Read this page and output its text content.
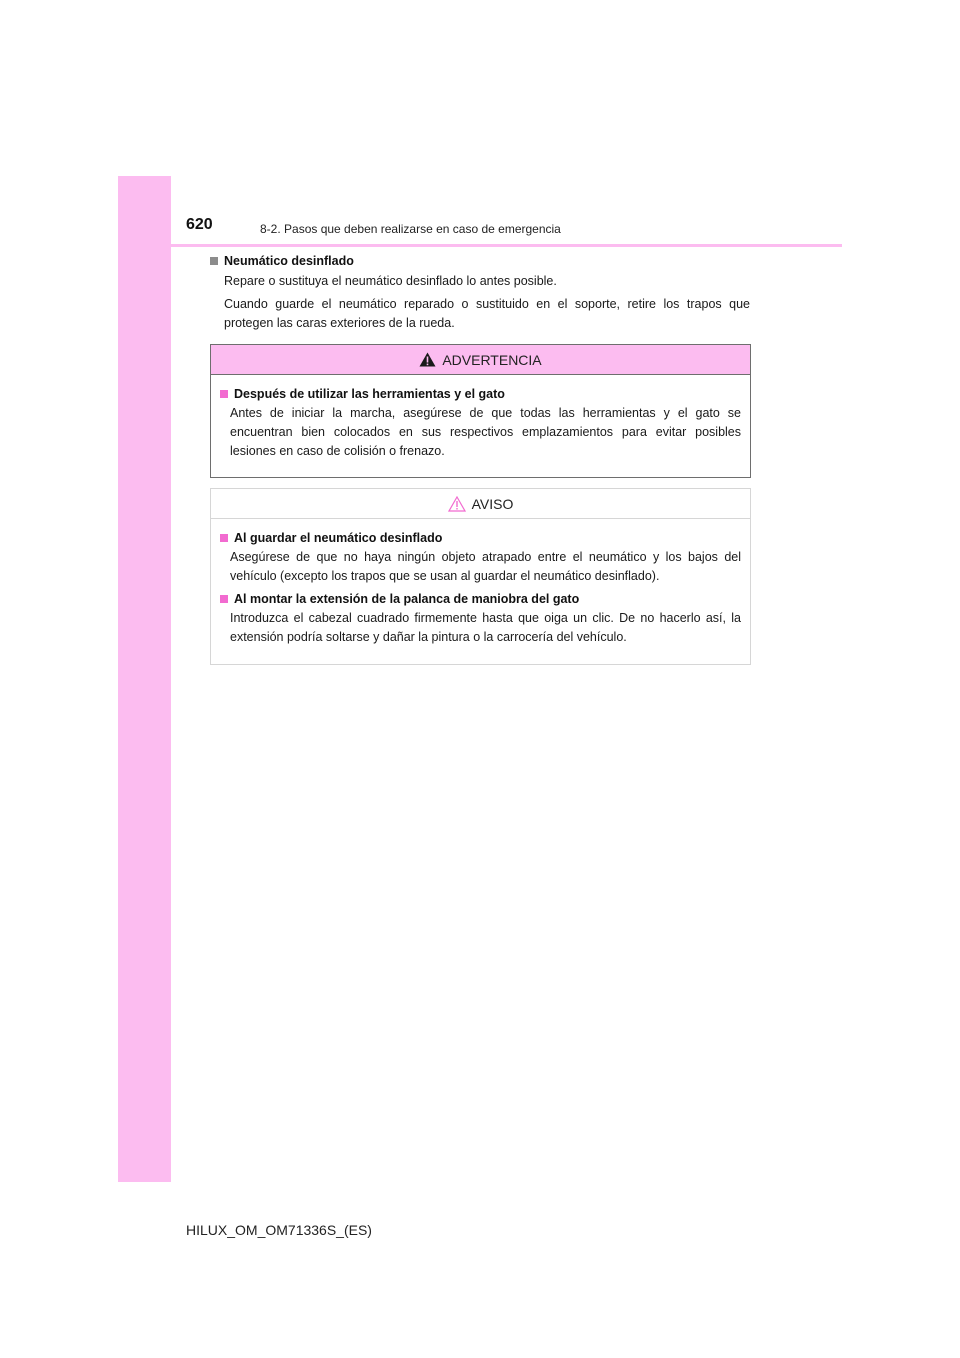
620	8-2. Pasos que deben realizarse en caso de emergencia
Neumático desinflado

Repare o sustituya el neumático desinflado lo antes posible.

Cuando guarde el neumático reparado o sustituido en el soporte, retire los trapos que protegen las caras exteriores de la rueda.

ADVERTENCIA
Después de utilizar las herramientas y el gato

Antes de iniciar la marcha, asegúrese de que todas las herramientas y el gato se encuentran bien colocados en sus respectivos emplazamientos para evitar posibles lesiones en caso de colisión o frenazo.

AVISO
Al guardar el neumático desinflado

Asegúrese de que no haya ningún objeto atrapado entre el neumático y los bajos del vehículo (excepto los trapos que se usan al guardar el neumático desinflado).

Al montar la extensión de la palanca de maniobra del gato

Introduzca el cabezal cuadrado firmemente hasta que oiga un clic. De no hacerlo así, la extensión podría soltarse y dañar la pintura o la carrocería del vehículo.

HILUX_OM_OM71336S_(ES)
